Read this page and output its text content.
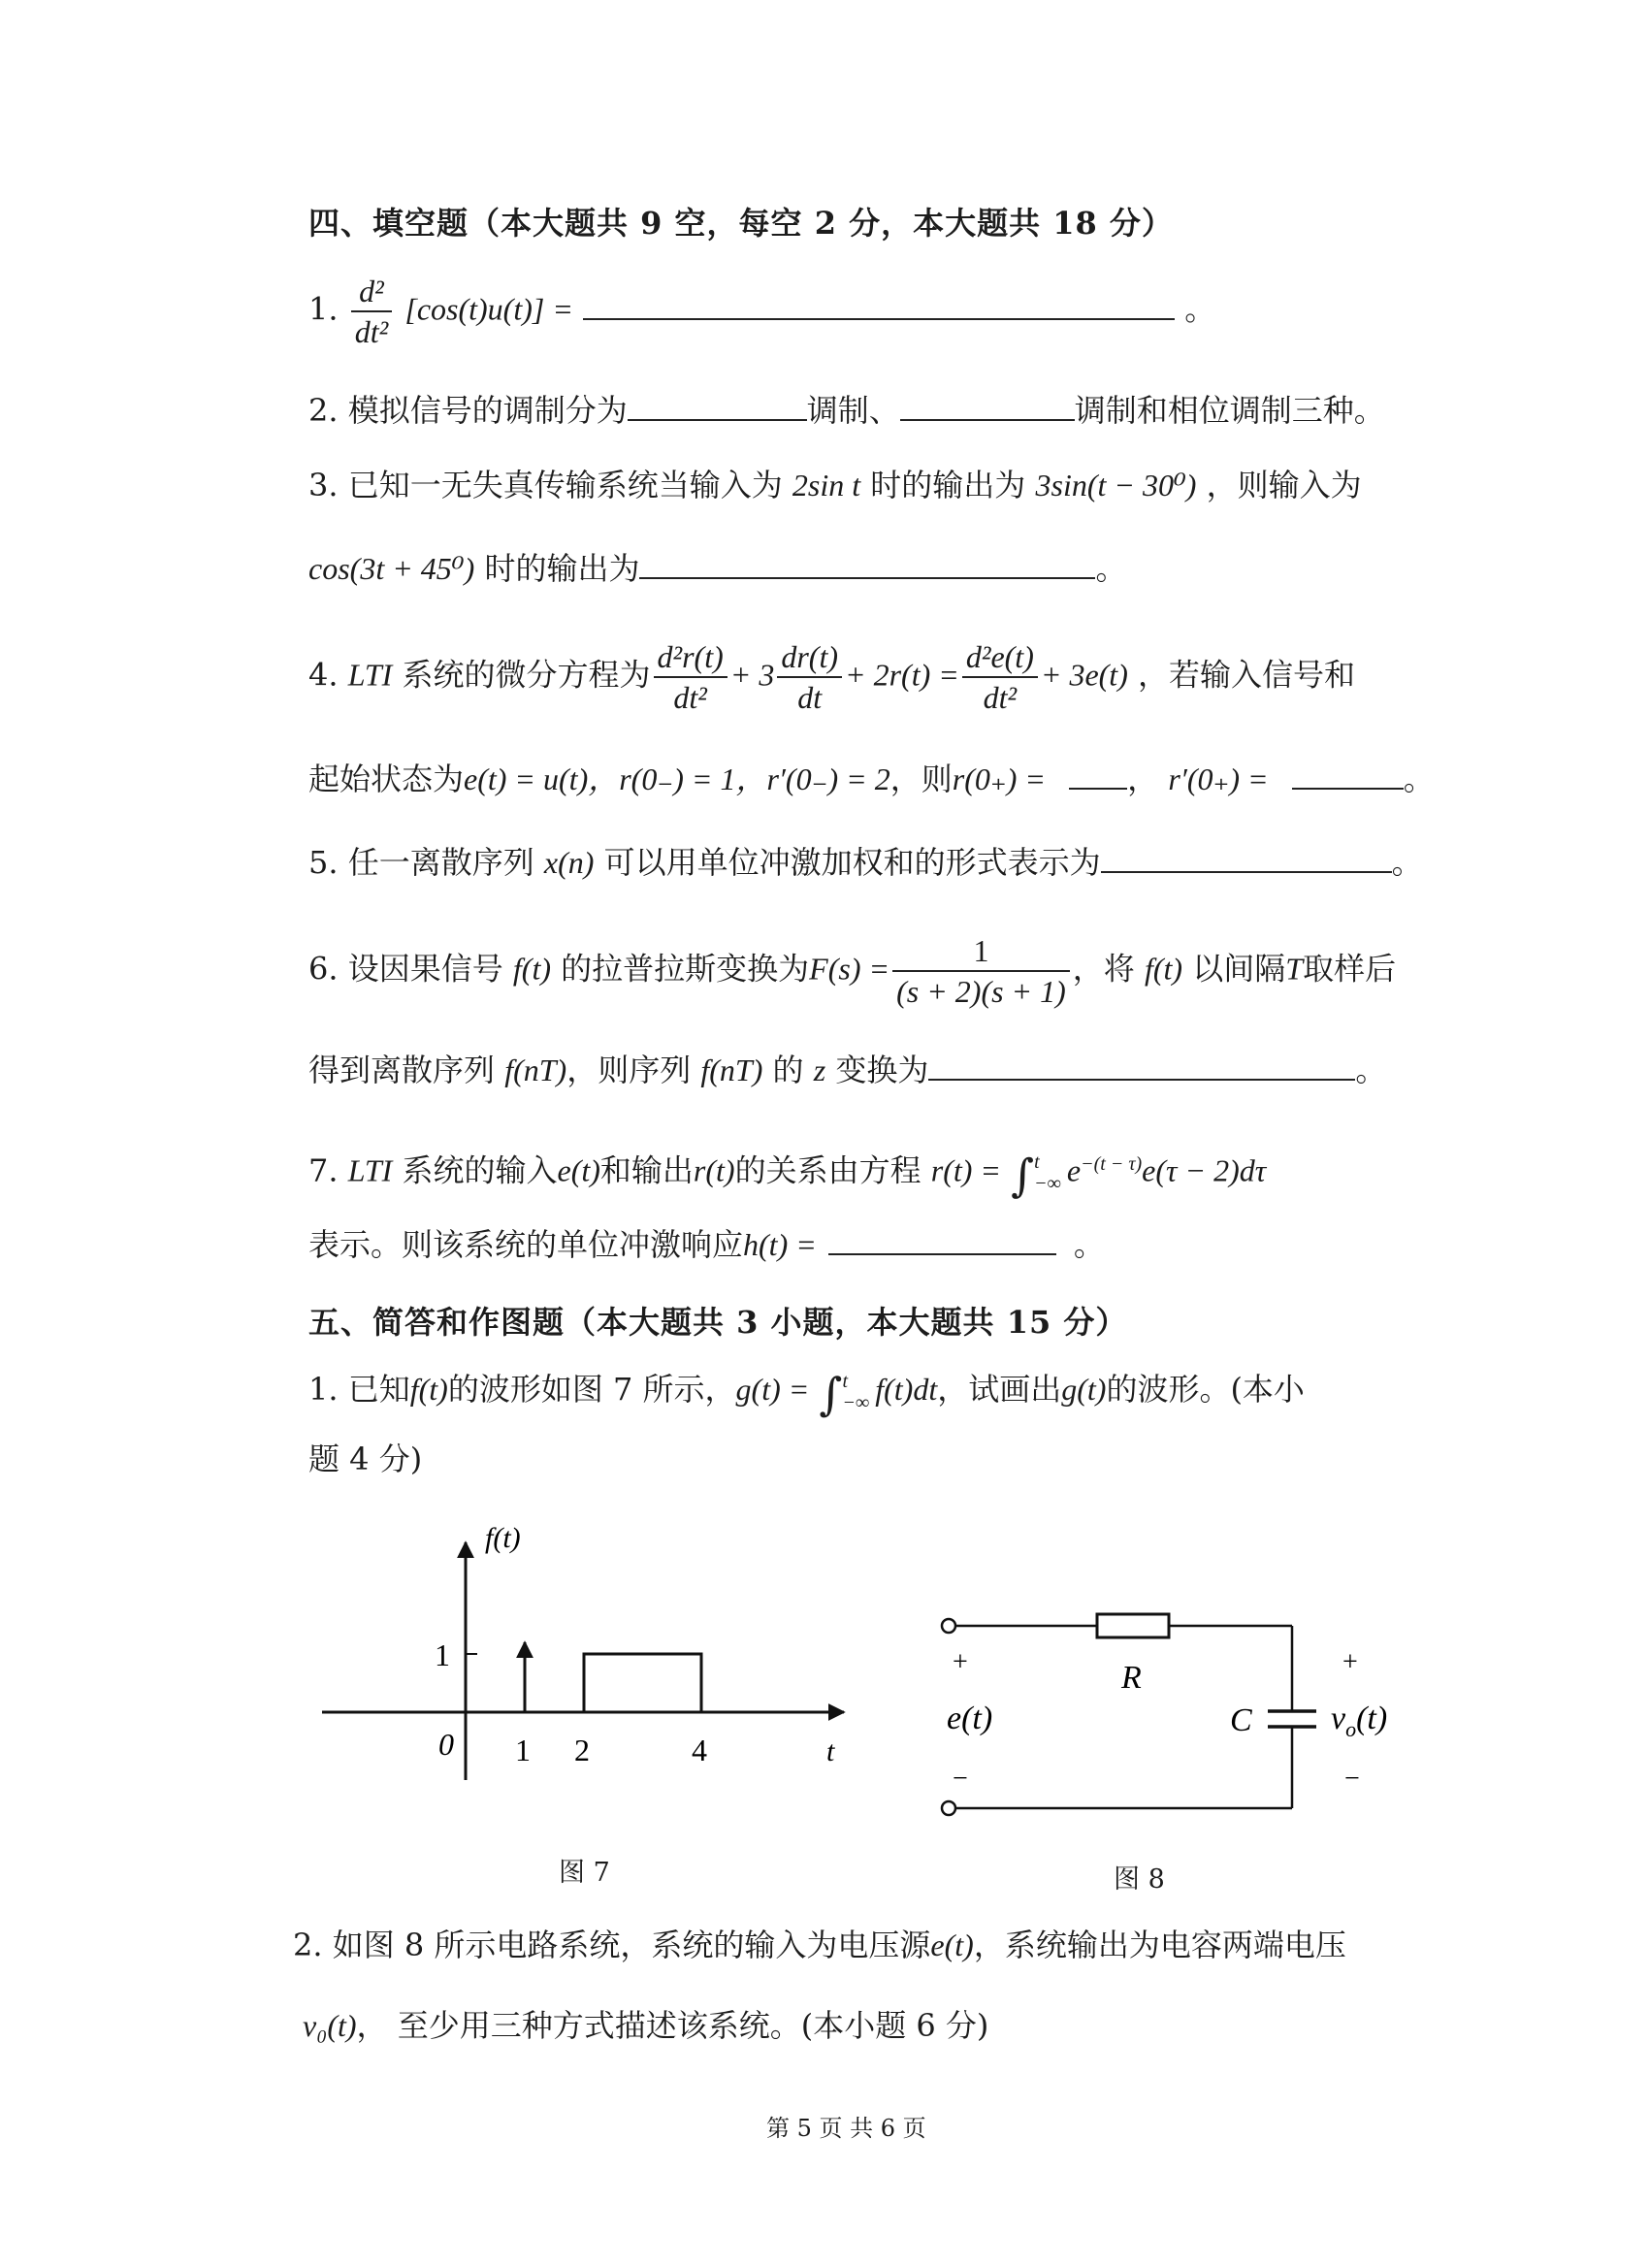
四、填空题（本大题共 9 空，每空 2 分，本大题共 18 分）
1. $\frac{\text{d²}}{\text{dt²}} [\cos(t)u(t)]$ =	。
2. 模拟信号的调制分为	调制、	调制和相位调制三种。
3. 已知一无失真传输系统当输入为 2sin t 时的输出为 3sin(t − 30⁰) ，则输入为
cos(3t + 45⁰) 时的输出为	。
4. LTI 系统的微分方程为 $\frac{\text{d²r(t)}}{\text{dt²}} + 3 \frac{dr(t)}{dt} + 2r(t) = \frac{\text{d²e(t)}}{\text{dt²}} + 3e(t)$ ，若输入信号和
起始状态为e(t) = u(t)，r(0₋) = 1，r′(0₋) = 2，则r(0₊) =	， r′(0₊) =	。
5. 任一离散序列 x(n) 可以用单位冲激加权和的形式表示为	。
6. 设因果信号 f(t) 的拉普拉斯变换为$F(s) = \frac{1}{(s + 2)(s + 1)}$ ，将 f(t) 以间隔T取样后
得到离散序列 f(nT)，则序列 f(nT) 的 z 变换为	。
7. LTI 系统的输入e(t)和输出r(t)的关系由方程 r(t) = ∫ t
−∞ $e^{-(t - \tau)}e(\tau - 2)d\tau$
表示。则该系统的单位冲激响应h(t) =	。
五、简答和作图题（本大题共 3 小题，本大题共 15 分）
1. 已知f(t)的波形如图 7 所示，g(t) = ∫ t
−∞ f(t)dt，试画出g(t)的波形。(本小
题 4 分)
f(t)
1
0 1 2	4	t
图 7
+
e(t)
−
R
C
+
$v_o(t)$
−
图 8
2. 如图 8 所示电路系统，系统的输入为电压源e(t)，系统输出为电容两端电压
v₀(t)， 至少用三种方式描述该系统。(本小题 6 分)
第 5 页 共 6 页
